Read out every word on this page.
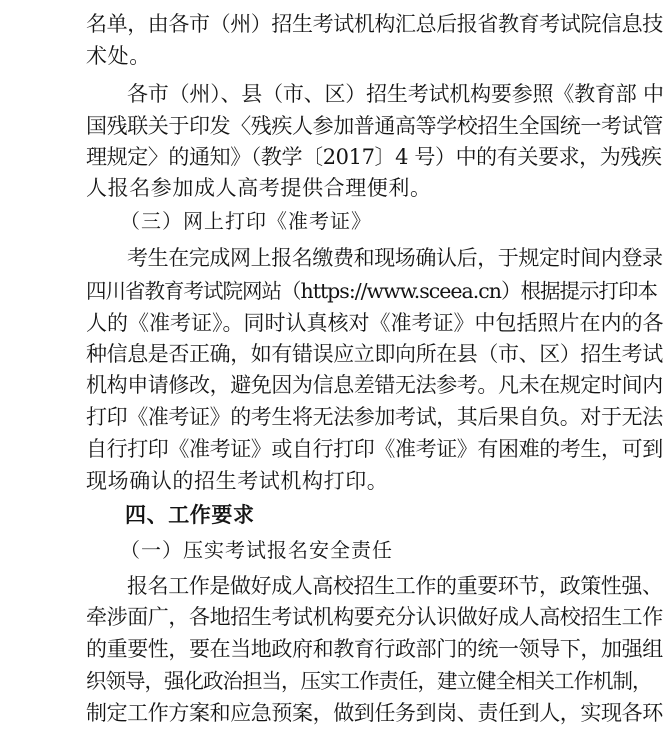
名单，由各市（州）招生考试机构汇总后报省教育考试院信息技
术处。
各市（州）、县（市、区）招生考试机构要参照《教育部 中
国残联关于印发〈残疾人参加普通高等学校招生全国统一考试管
理规定〉的通知》（教学〔2017〕4 号）中的有关要求，为残疾
人报名参加成人高考提供合理便利。
（三）网上打印《准考证》
考生在完成网上报名缴费和现场确认后，于规定时间内登录
四川省教育考试院网站（https://www.sceea.cn）根据提示打印本
人的《准考证》。同时认真核对《准考证》中包括照片在内的各
种信息是否正确，如有错误应立即向所在县（市、区）招生考试
机构申请修改，避免因为信息差错无法参考。凡未在规定时间内
打印《准考证》的考生将无法参加考试，其后果自负。对于无法
自行打印《准考证》或自行打印《准考证》有困难的考生，可到
现场确认的招生考试机构打印。
四、工作要求
（一）压实考试报名安全责任
报名工作是做好成人高校招生工作的重要环节，政策性强、
牵涉面广，各地招生考试机构要充分认识做好成人高校招生工作
的重要性，要在当地政府和教育行政部门的统一领导下，加强组
织领导，强化政治担当，压实工作责任，建立健全相关工作机制，
制定工作方案和应急预案，做到任务到岗、责任到人，实现各环
